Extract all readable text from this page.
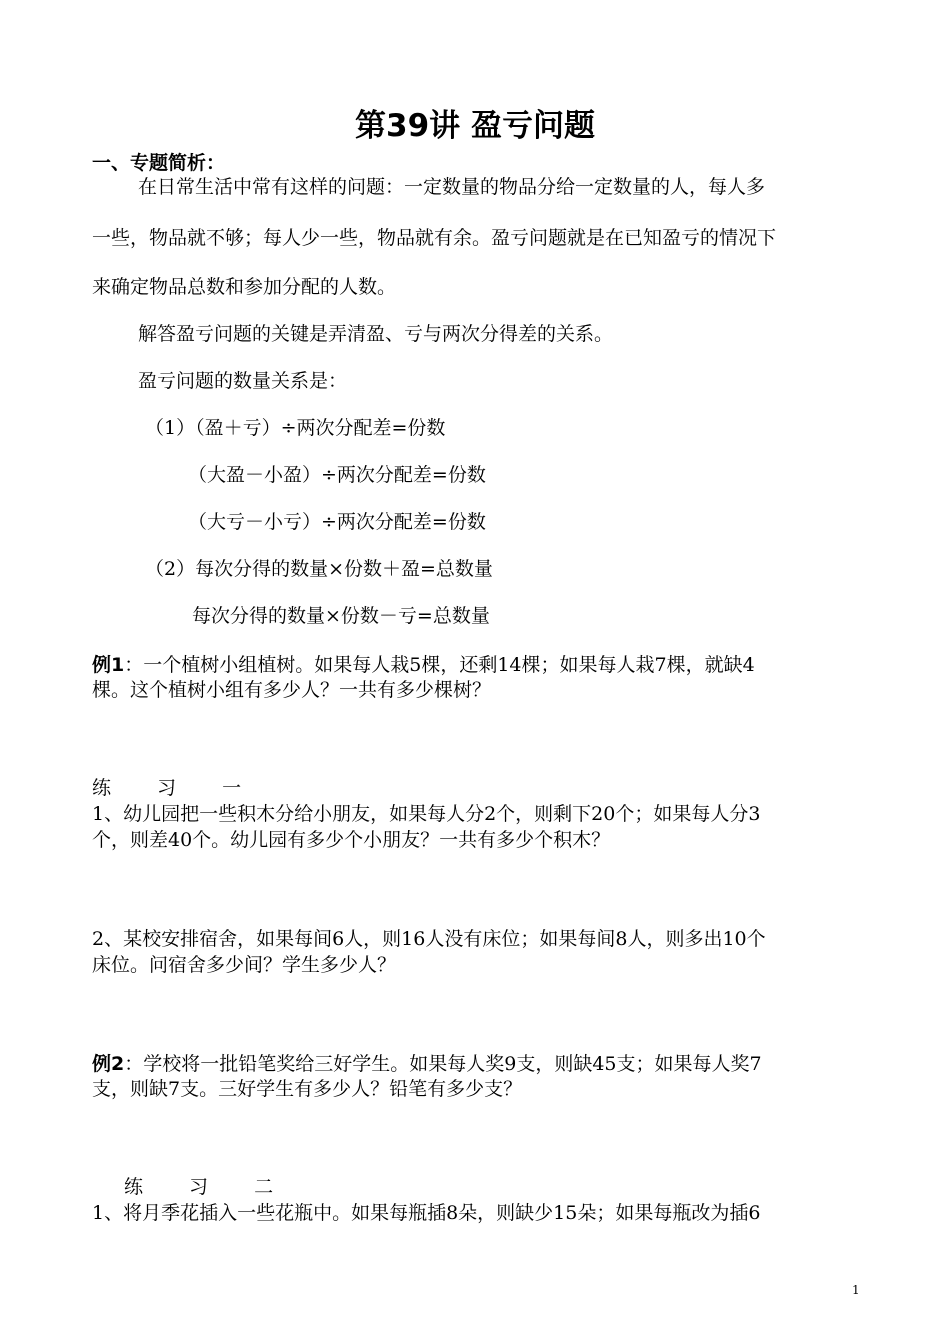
第39讲 盈亏问题
一、专题简析：
在日常生活中常有这样的问题：一定数量的物品分给一定数量的人，每人多
一些，物品就不够；每人少一些，物品就有余。盈亏问题就是在已知盈亏的情况下
来确定物品总数和参加分配的人数。
解答盈亏问题的关键是弄清盈、亏与两次分得差的关系。
盈亏问题的数量关系是：
（1）（盈＋亏）÷两次分配差=份数
（大盈－小盈）÷两次分配差=份数
（大亏－小亏）÷两次分配差=份数
（2）每次分得的数量×份数＋盈=总数量
每次分得的数量×份数－亏=总数量
例1：一个植树小组植树。如果每人栽5棵，还剩14棵；如果每人栽7棵，就缺4
棵。这个植树小组有多少人？一共有多少棵树？
练 习 一
1、幼儿园把一些积木分给小朋友，如果每人分2个，则剩下20个；如果每人分3
个，则差40个。幼儿园有多少个小朋友？一共有多少个积木？
2、某校安排宿舍，如果每间6人，则16人没有床位；如果每间8人，则多出10个
床位。问宿舍多少间？学生多少人？
例2：学校将一批铅笔奖给三好学生。如果每人奖9支，则缺45支；如果每人奖7
支，则缺7支。三好学生有多少人？铅笔有多少支？
练 习 二
1、将月季花插入一些花瓶中。如果每瓶插8朵，则缺少15朵；如果每瓶改为插6
1
